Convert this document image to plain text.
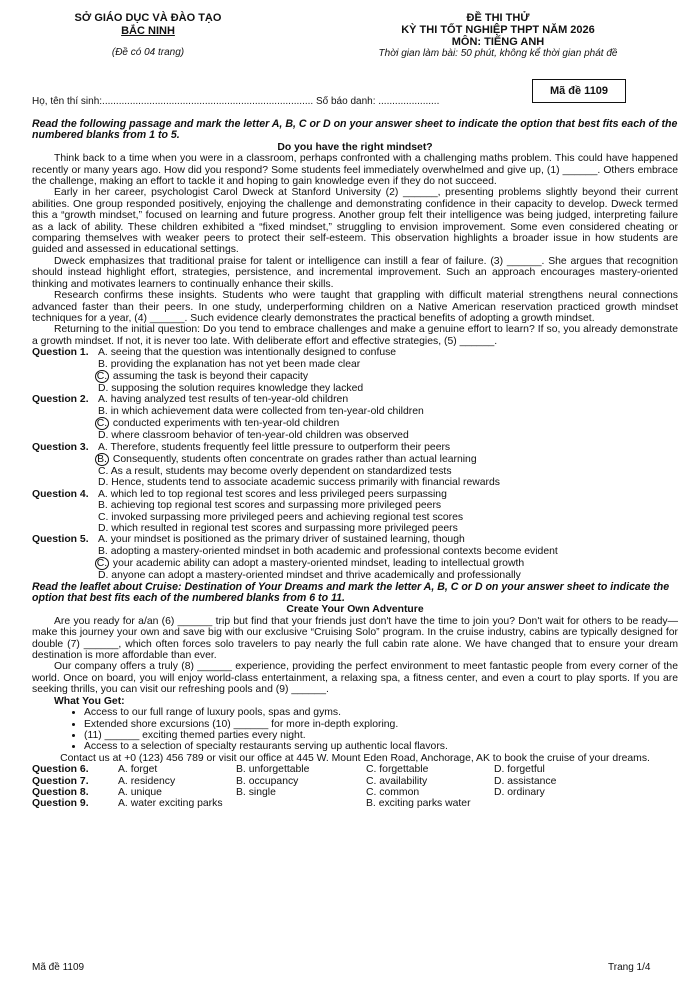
SỞ GIÁO DỤC VÀ ĐÀO TẠO
BẮC NINH
(Đề có 04 trang)
ĐỀ THI THỬ
KỲ THI TỐT NGHIỆP THPT NĂM 2026
MÔN: TIẾNG ANH
Thời gian làm bài: 50 phút, không kể thời gian phát đề
Mã đề 1109
Họ, tên thí sinh:............................................................................ Số báo danh: ......................
Read the following passage and mark the letter A, B, C or D on your answer sheet to indicate the option that best fits each of the numbered blanks from 1 to 5.
Do you have the right mindset?
Think back to a time when you were in a classroom, perhaps confronted with a challenging maths problem. This could have happened recently or many years ago. How did you respond? Some students feel immediately overwhelmed and give up, (1) ______. Others embrace the challenge, making an effort to tackle it and hoping to gain knowledge even if they do not succeed.
Early in her career, psychologist Carol Dweck at Stanford University (2) ______, presenting problems slightly beyond their current abilities. One group responded positively, enjoying the challenge and demonstrating confidence in their capacity to develop. Dweck termed this a “growth mindset,” focused on learning and future progress. Another group felt their intelligence was being judged, interpreting failure as a lack of ability. These children exhibited a “fixed mindset,” struggling to envision improvement. Some even considered cheating or comparing themselves with weaker peers to protect their self-esteem. This observation highlights a broader issue in how students are guided and assessed in educational settings.
Dweck emphasizes that traditional praise for talent or intelligence can instill a fear of failure. (3) ______. She argues that recognition should instead highlight effort, strategies, persistence, and incremental improvement. Such an approach encourages mastery-oriented thinking and motivates learners to continually enhance their skills.
Research confirms these insights. Students who were taught that grappling with difficult material strengthens neural connections advanced faster than their peers. In one study, underperforming children on a Native American reservation practiced growth mindset techniques for a year, (4) ______. Such evidence clearly demonstrates the practical benefits of adopting a growth mindset.
Returning to the initial question: Do you tend to embrace challenges and make a genuine effort to learn? If so, you already demonstrate a growth mindset. If not, it is never too late. With deliberate effort and effective strategies, (5) ______.
Question 1. A. seeing that the question was intentionally designed to confuse
B. providing the explanation has not yet been made clear
C. assuming the task is beyond their capacity
D. supposing the solution requires knowledge they lacked
Question 2. A. having analyzed test results of ten-year-old children
B. in which achievement data were collected from ten-year-old children
C. conducted experiments with ten-year-old children
D. where classroom behavior of ten-year-old children was observed
Question 3. A. Therefore, students frequently feel little pressure to outperform their peers
B. Consequently, students often concentrate on grades rather than actual learning
C. As a result, students may become overly dependent on standardized tests
D. Hence, students tend to associate academic success primarily with financial rewards
Question 4. A. which led to top regional test scores and less privileged peers surpassing
B. achieving top regional test scores and surpassing more privileged peers
C. invoked surpassing more privileged peers and achieving regional test scores
D. which resulted in regional test scores and surpassing more privileged peers
Question 5. A. your mindset is positioned as the primary driver of sustained learning, though
B. adopting a mastery-oriented mindset in both academic and professional contexts become evident
C. your academic ability can adopt a mastery-oriented mindset, leading to intellectual growth
D. anyone can adopt a mastery-oriented mindset and thrive academically and professionally
Read the leaflet about Cruise: Destination of Your Dreams and mark the letter A, B, C or D on your answer sheet to indicate the option that best fits each of the numbered blanks from 6 to 11.
Create Your Own Adventure
Are you ready for a/an (6) ______ trip but find that your friends just don't have the time to join you? Don't wait for others to be ready—make this journey your own and save big with our exclusive “Cruising Solo” program. In the cruise industry, cabins are typically designed for double (7) ______, which often forces solo travelers to pay nearly the full cabin rate alone. We have changed that to ensure your dream destination is more affordable than ever.
Our company offers a truly (8) ______ experience, providing the perfect environment to meet fantastic people from every corner of the world. Once on board, you will enjoy world-class entertainment, a relaxing spa, a fitness center, and even a court to play sports. If you are seeking thrills, you can visit our refreshing pools and (9) ______.
What You Get:
• Access to our full range of luxury pools, spas and gyms.
• Extended shore excursions (10) ______ for more in-depth exploring.
• (11) ______ exciting themed parties every night.
• Access to a selection of specialty restaurants serving up authentic local flavors.
Contact us at +0 (123) 456 789 or visit our office at 445 W. Mount Eden Road, Anchorage, AK to book the cruise of your dreams.
Question 6.	A. forget	B. unforgettable	C. forgettable	D. forgetful
Question 7.	A. residency	B. occupancy	C. availability	D. assistance
Question 8.	A. unique	B. single	C. common	D. ordinary
Question 9.	A. water exciting parks	B. exciting parks water
Mã đề 1109	Trang 1/4
